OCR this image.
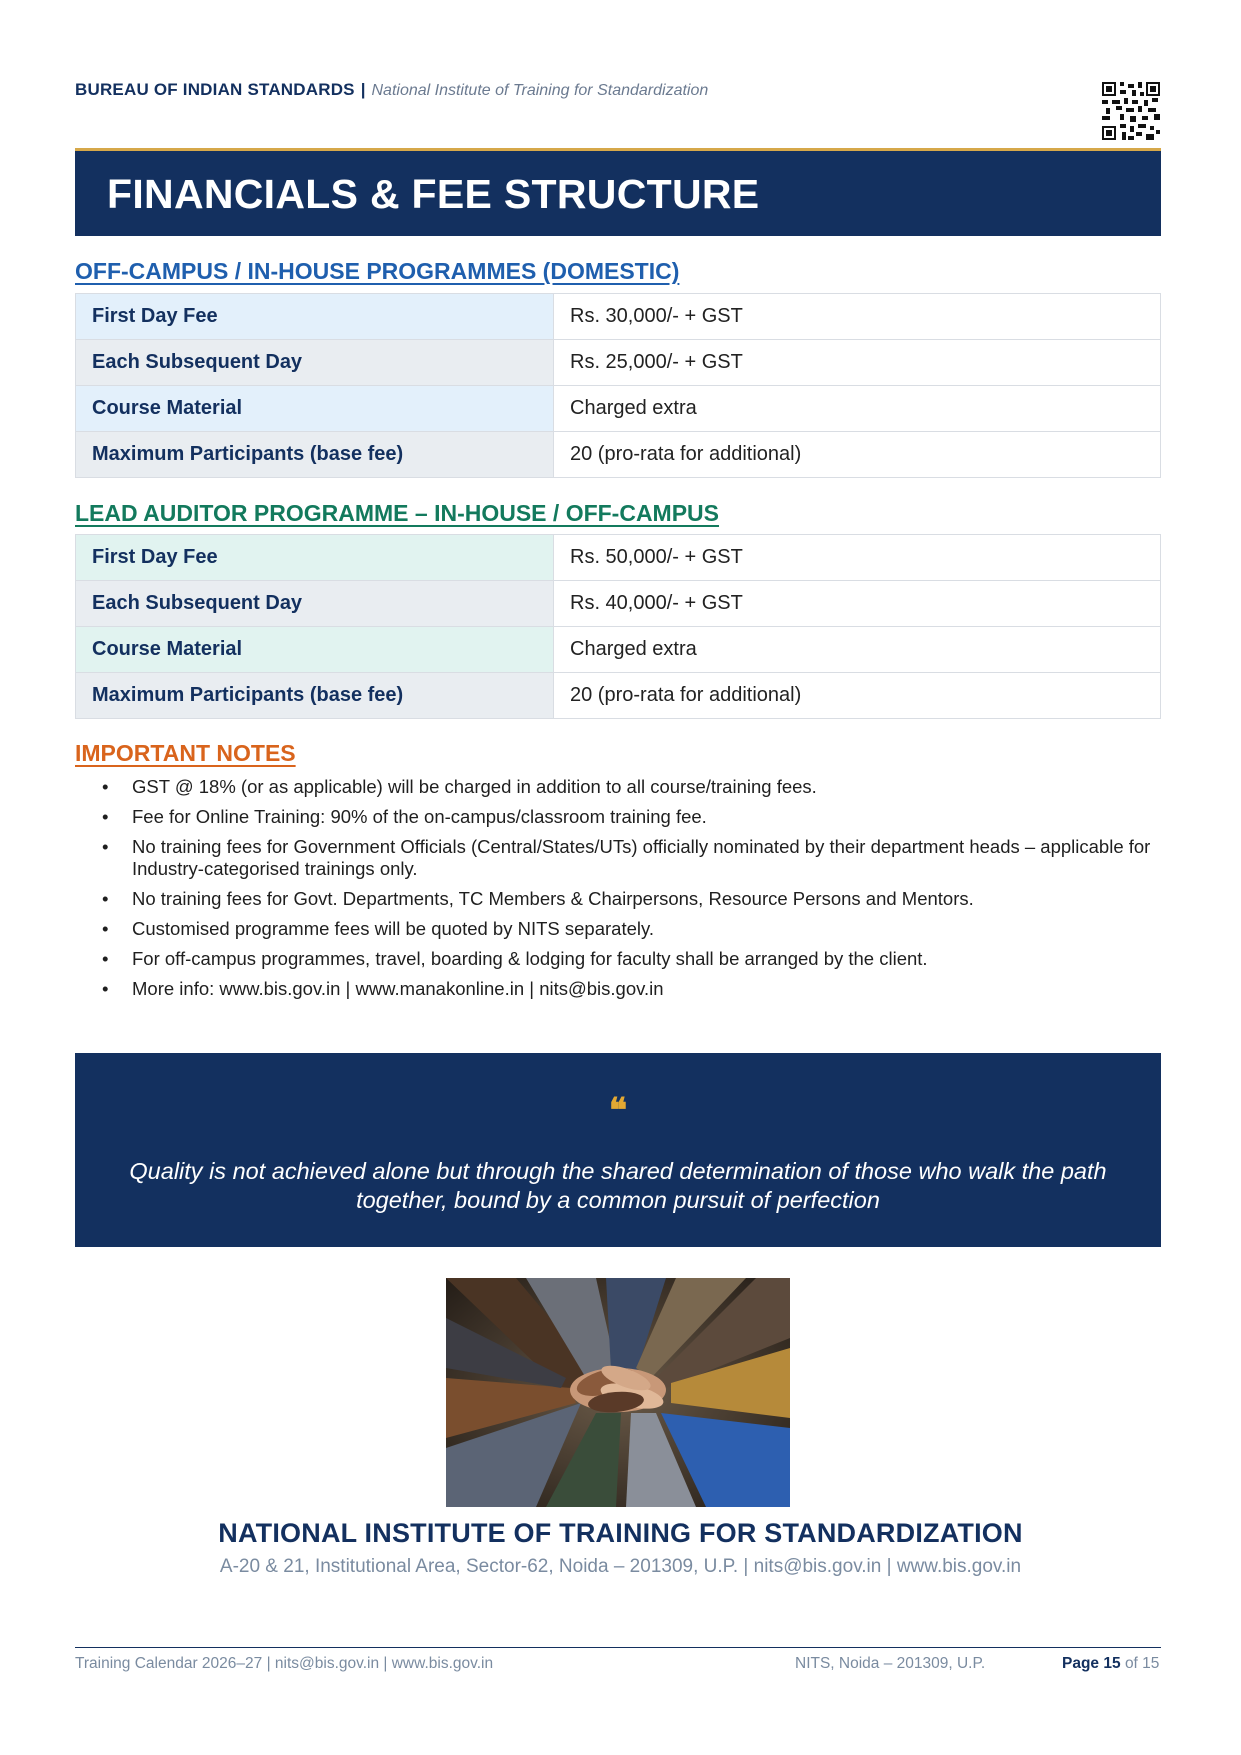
BUREAU OF INDIAN STANDARDS | National Institute of Training for Standardization
FINANCIALS & FEE STRUCTURE
OFF-CAMPUS / IN-HOUSE PROGRAMMES (DOMESTIC)
First Day Fee	Rs. 30,000/- + GST
Each Subsequent Day	Rs. 25,000/- + GST
Course Material	Charged extra
Maximum Participants (base fee)	20 (pro-rata for additional)
LEAD AUDITOR PROGRAMME – IN-HOUSE / OFF-CAMPUS
First Day Fee	Rs. 50,000/- + GST
Each Subsequent Day	Rs. 40,000/- + GST
Course Material	Charged extra
Maximum Participants (base fee)	20 (pro-rata for additional)
IMPORTANT NOTES
• GST @ 18% (or as applicable) will be charged in addition to all course/training fees.
• Fee for Online Training: 90% of the on-campus/classroom training fee.
• No training fees for Government Officials (Central/States/UTs) officially nominated by their department heads – applicable for Industry-categorised trainings only.
• No training fees for Govt. Departments, TC Members & Chairpersons, Resource Persons and Mentors.
• Customised programme fees will be quoted by NITS separately.
• For off-campus programmes, travel, boarding & lodging for faculty shall be arranged by the client.
• More info: www.bis.gov.in | www.manakonline.in | nits@bis.gov.in
❝
Quality is not achieved alone but through the shared determination of those who walk the path together, bound by a common pursuit of perfection
NATIONAL INSTITUTE OF TRAINING FOR STANDARDIZATION
A-20 & 21, Institutional Area, Sector-62, Noida – 201309, U.P. | nits@bis.gov.in | www.bis.gov.in
Training Calendar 2026–27 | nits@bis.gov.in | www.bis.gov.in	NITS, Noida – 201309, U.P.	Page 15 of 15
